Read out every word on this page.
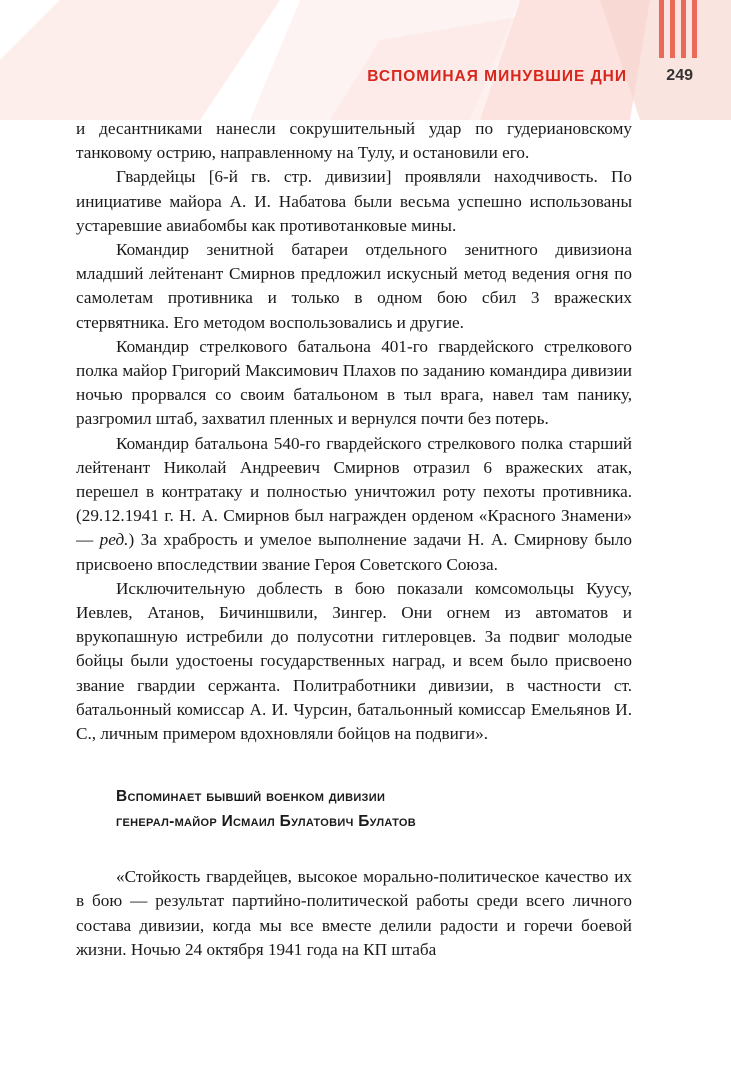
ВСПОМИНАЯ МИНУВШИЕ ДНИ 249

и десантниками нанесли сокрушительный удар по гудериановскому танковому острию, направленному на Тулу, и остановили его.

Гвардейцы [6-й гв. стр. дивизии] проявляли находчивость. По инициативе майора А. И. Набатова были весьма успешно использованы устаревшие авиабомбы как противотанковые мины.

Командир зенитной батареи отдельного зенитного дивизиона младший лейтенант Смирнов предложил искусный метод ведения огня по самолетам противника и только в одном бою сбил 3 вражеских стервятника. Его методом воспользовались и другие.

Командир стрелкового батальона 401-го гвардейского стрелкового полка майор Григорий Максимович Плахов по заданию командира дивизии ночью прорвался со своим батальоном в тыл врага, навел там панику, разгромил штаб, захватил пленных и вернулся почти без потерь.

Командир батальона 540-го гвардейского стрелкового полка старший лейтенант Николай Андреевич Смирнов отразил 6 вражеских атак, перешел в контратаку и полностью уничтожил роту пехоты противника. (29.12.1941 г. Н. А. Смирнов был награжден орденом «Красного Знамени» — ред.) За храбрость и умелое выполнение задачи Н. А. Смирнову было присвоено впоследствии звание Героя Советского Союза.

Исключительную доблесть в бою показали комсомольцы Куусу, Иевлев, Атанов, Бичиншвили, Зингер. Они огнем из автоматов и врукопашную истребили до полусотни гитлеровцев. За подвиг молодые бойцы были удостоены государственных наград, и всем было присвоено звание гвардии сержанта. Политработники дивизии, в частности ст. батальонный комиссар А. И. Чурсин, батальонный комиссар Емельянов И. С., личным примером вдохновляли бойцов на подвиги».

Вспоминает бывший военком дивизии
генерал-майор Исмаил Булатович Булатов

«Стойкость гвардейцев, высокое морально-политическое качество их в бою — результат партийно-политической работы среди всего личного состава дивизии, когда мы все вместе делили радости и горечи боевой жизни. Ночью 24 октября 1941 года на КП штаба
